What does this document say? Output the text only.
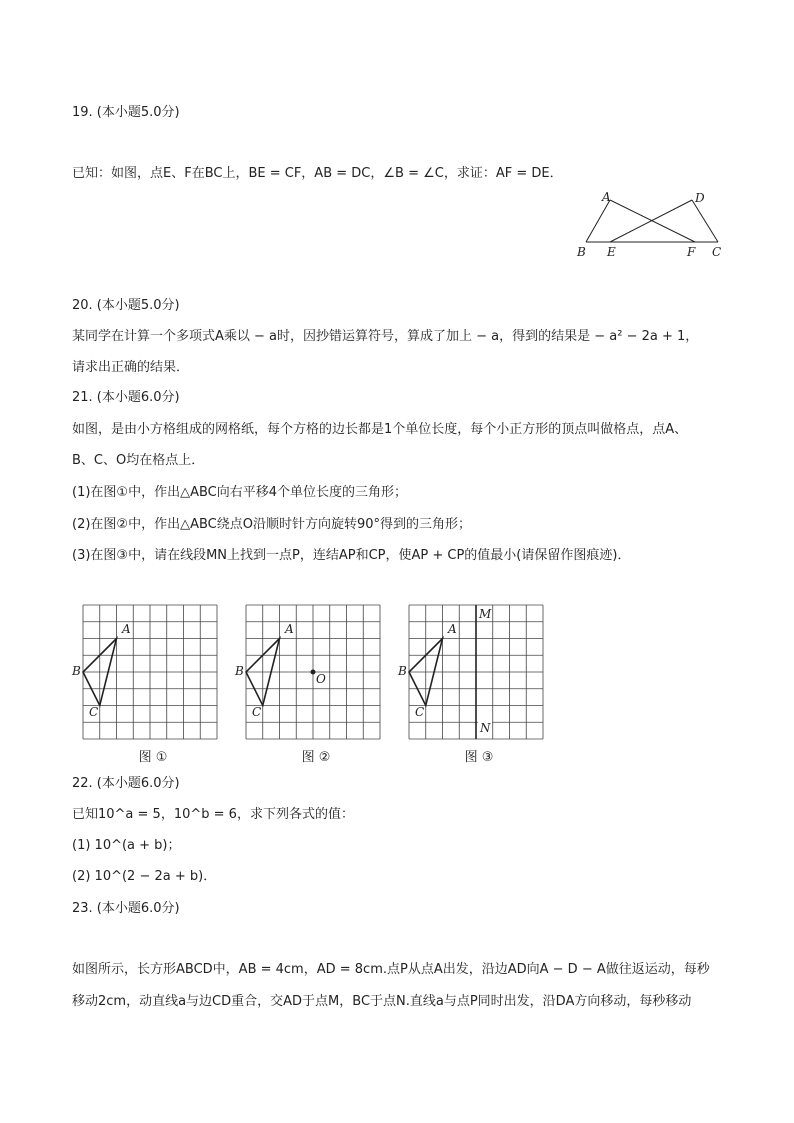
19. (本小题5.0分)
已知：如图，点E、F在BC上，BE = CF，AB = DC，∠B = ∠C，求证：AF = DE．
A	D
B E	F C
20. (本小题5.0分)
某同学在计算一个多项式A乘以 − a时，因抄错运算符号，算成了加上 − a，得到的结果是 − a² − 2a + 1，
请求出正确的结果．
21. (本小题6.0分)
如图，是由小方格组成的网格纸，每个方格的边长都是1个单位长度，每个小正方形的顶点叫做格点，点A、
B、C、O均在格点上．
(1)在图①中，作出△ABC向右平移4个单位长度的三角形；
(2)在图②中，作出△ABC绕点O沿顺时针方向旋转90°得到的三角形；
(3)在图③中，请在线段MN上找到一点P，连结AP和CP，使AP + CP的值最小(请保留作图痕迹)．
A
B
C
A
B
C
O
M
N
A
B
C
图 ①	图 ②	图 ③
22. (本小题6.0分)
已知10^a = 5，10^b = 6，求下列各式的值：
(1) 10^(a + b)；
(2) 10^(2 − 2a + b)．
23. (本小题6.0分)
如图所示，长方形ABCD中，AB = 4cm，AD = 8cm.点P从点A出发，沿边AD向A − D − A做往返运动，每秒
移动2cm，动直线a与边CD重合，交AD于点M，BC于点N.直线a与点P同时出发，沿DA方向移动，每秒移动
